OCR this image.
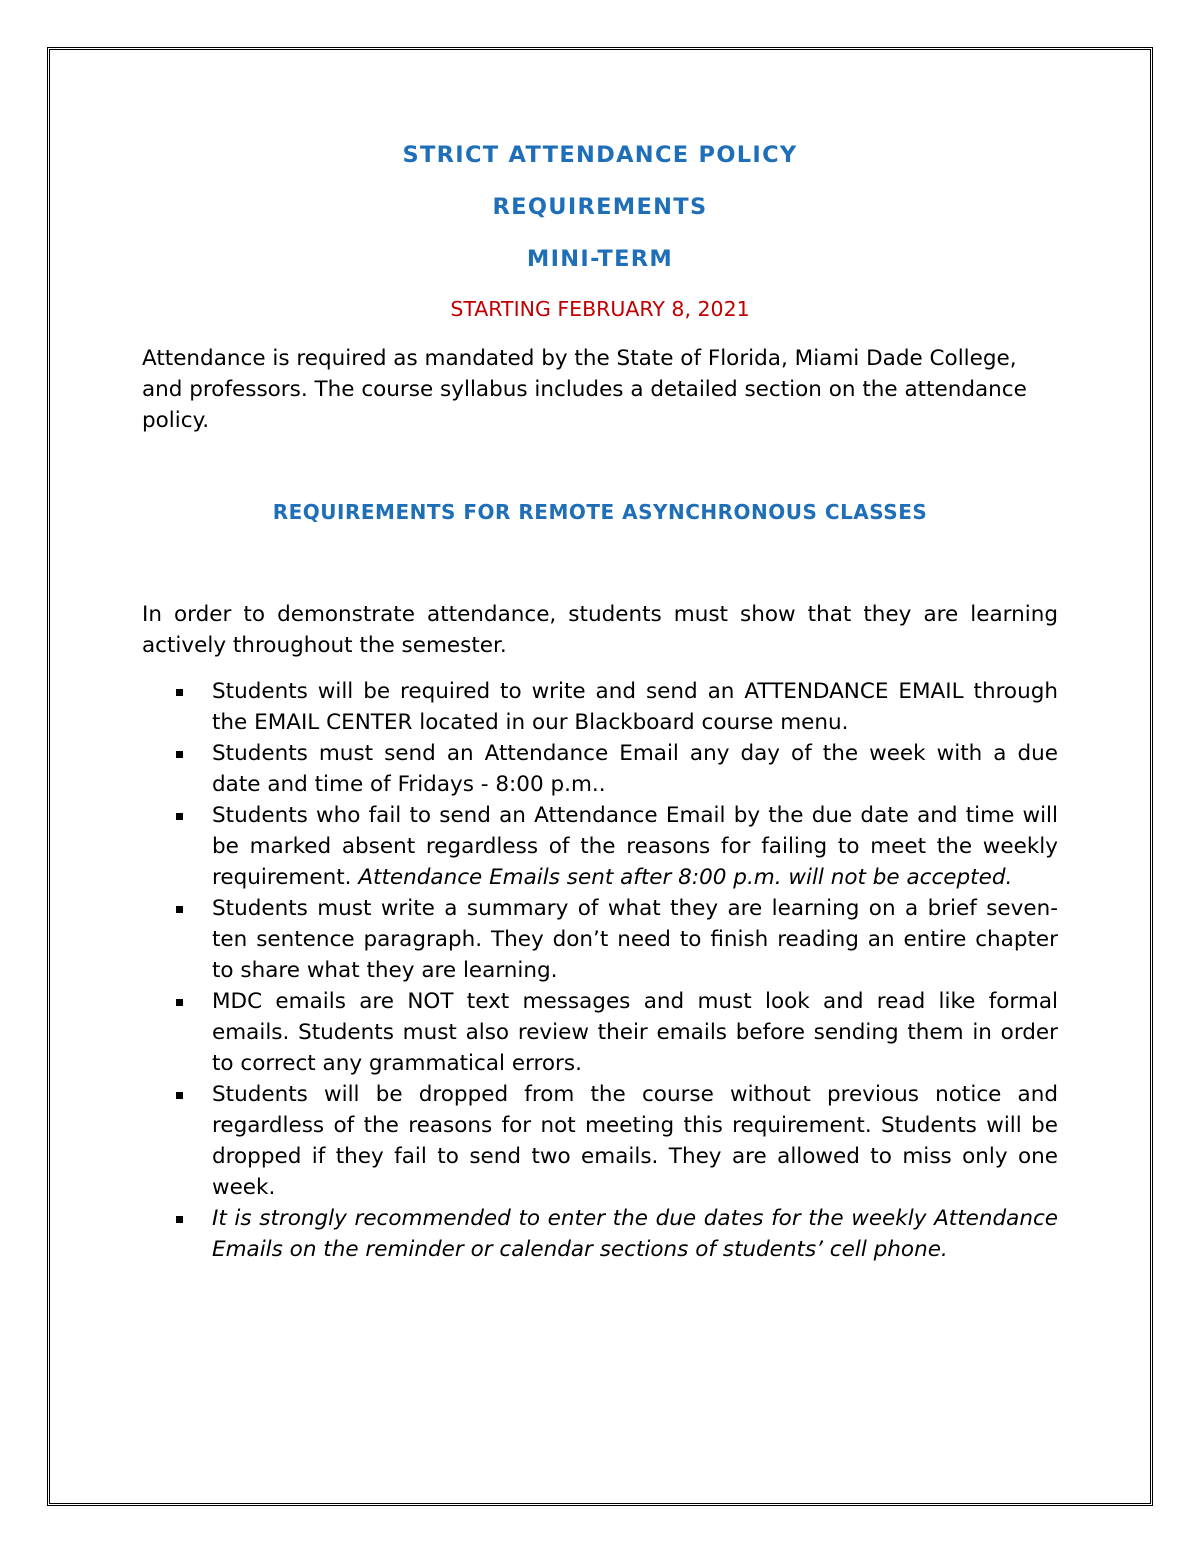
STRICT ATTENDANCE POLICY
REQUIREMENTS
MINI-TERM
STARTING FEBRUARY 8, 2021

Attendance is required as mandated by the State of Florida, Miami Dade College, and professors. The course syllabus includes a detailed section on the attendance policy.

REQUIREMENTS FOR REMOTE ASYNCHRONOUS CLASSES

In order to demonstrate attendance, students must show that they are learning actively throughout the semester.

Students will be required to write and send an ATTENDANCE EMAIL through the EMAIL CENTER located in our Blackboard course menu.
Students must send an Attendance Email any day of the week with a due date and time of Fridays - 8:00 p.m..
Students who fail to send an Attendance Email by the due date and time will be marked absent regardless of the reasons for failing to meet the weekly requirement. Attendance Emails sent after 8:00 p.m. will not be accepted.
Students must write a summary of what they are learning on a brief seven-ten sentence paragraph. They don’t need to finish reading an entire chapter to share what they are learning.
MDC emails are NOT text messages and must look and read like formal emails. Students must also review their emails before sending them in order to correct any grammatical errors.
Students will be dropped from the course without previous notice and regardless of the reasons for not meeting this requirement. Students will be dropped if they fail to send two emails. They are allowed to miss only one week.
It is strongly recommended to enter the due dates for the weekly Attendance Emails on the reminder or calendar sections of students’ cell phone.
